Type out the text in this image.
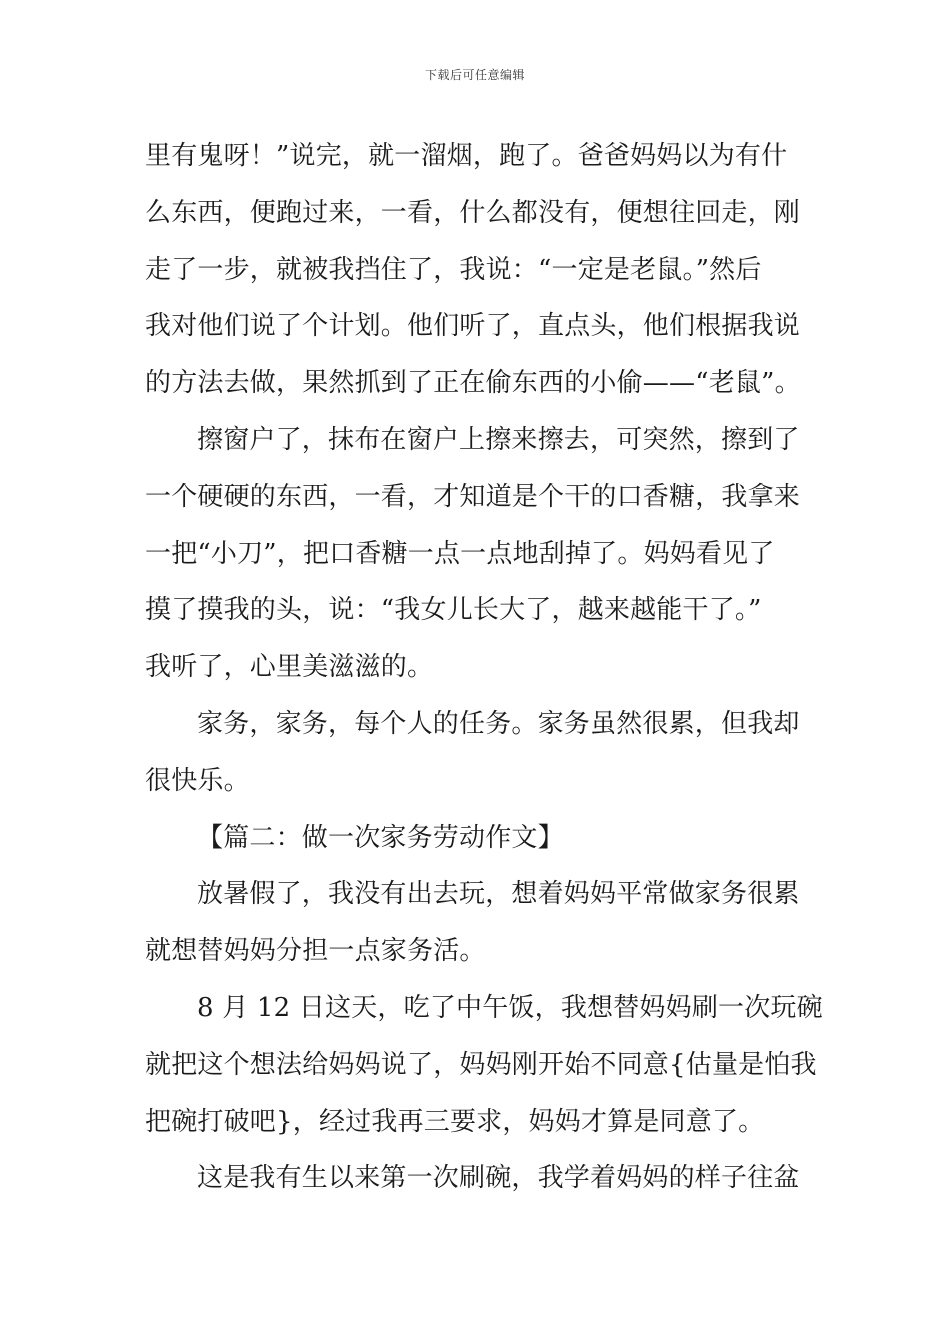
下载后可任意编辑
里有鬼呀！”说完，就一溜烟，跑了。爸爸妈妈以为有什
么东西，便跑过来，一看，什么都没有，便想往回走，刚
走了一步，就被我挡住了，我说：“一定是老鼠。”然后
我对他们说了个计划。他们听了，直点头，他们根据我说
的方法去做，果然抓到了正在偷东西的小偷——“老鼠”。
擦窗户了，抹布在窗户上擦来擦去，可突然，擦到了
一个硬硬的东西，一看，才知道是个干的口香糖，我拿来
一把“小刀”，把口香糖一点一点地刮掉了。妈妈看见了
摸了摸我的头，说：“我女儿长大了，越来越能干了。”
我听了，心里美滋滋的。
家务，家务，每个人的任务。家务虽然很累，但我却
很快乐。
【篇二：做一次家务劳动作文】
放暑假了，我没有出去玩，想着妈妈平常做家务很累
就想替妈妈分担一点家务活。
8 月 12 日这天，吃了中午饭，我想替妈妈刷一次玩碗
就把这个想法给妈妈说了，妈妈刚开始不同意{估量是怕我
把碗打破吧}，经过我再三要求，妈妈才算是同意了。
这是我有生以来第一次刷碗，我学着妈妈的样子往盆
